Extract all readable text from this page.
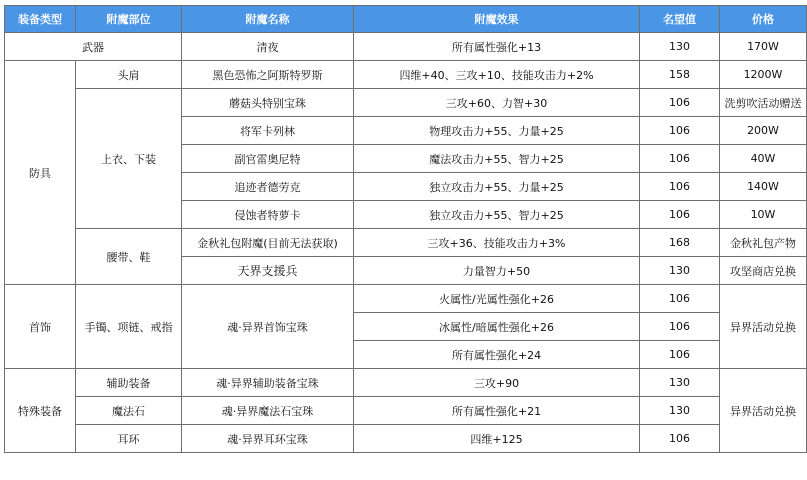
装备类型	附魔部位	附魔名称	附魔效果	名望值	价格
武器		清夜	所有属性强化+13	130	170W
防具	头肩	黑色恐怖之阿斯特罗斯	四维+40、三攻+10、技能攻击力+2%	158	1200W
	上衣、下装	蘑菇头特别宝珠	三攻+60、力智+30	106	洗剪吹活动赠送
		将军卡列林	物理攻击力+55、力量+25	106	200W
		副官雷奥尼特	魔法攻击力+55、智力+25	106	40W
		追迹者德劳克	独立攻击力+55、力量+25	106	140W
		侵蚀者特萝卡	独立攻击力+55、智力+25	106	10W
	腰带、鞋	金秋礼包附魔(目前无法获取)	三攻+36、技能攻击力+3%	168	金秋礼包产物
		天界支援兵	力量智力+50	130	攻坚商店兑换
首饰	手镯、项链、戒指	魂·异界首饰宝珠	火属性/光属性强化+26	106	异界活动兑换
			冰属性/暗属性强化+26	106	
			所有属性强化+24	106	
特殊装备	辅助装备	魂·异界辅助装备宝珠	三攻+90	130	异界活动兑换
	魔法石	魂·异界魔法石宝珠	所有属性强化+21	130	
	耳环	魂·异界耳环宝珠	四维+125	106	
